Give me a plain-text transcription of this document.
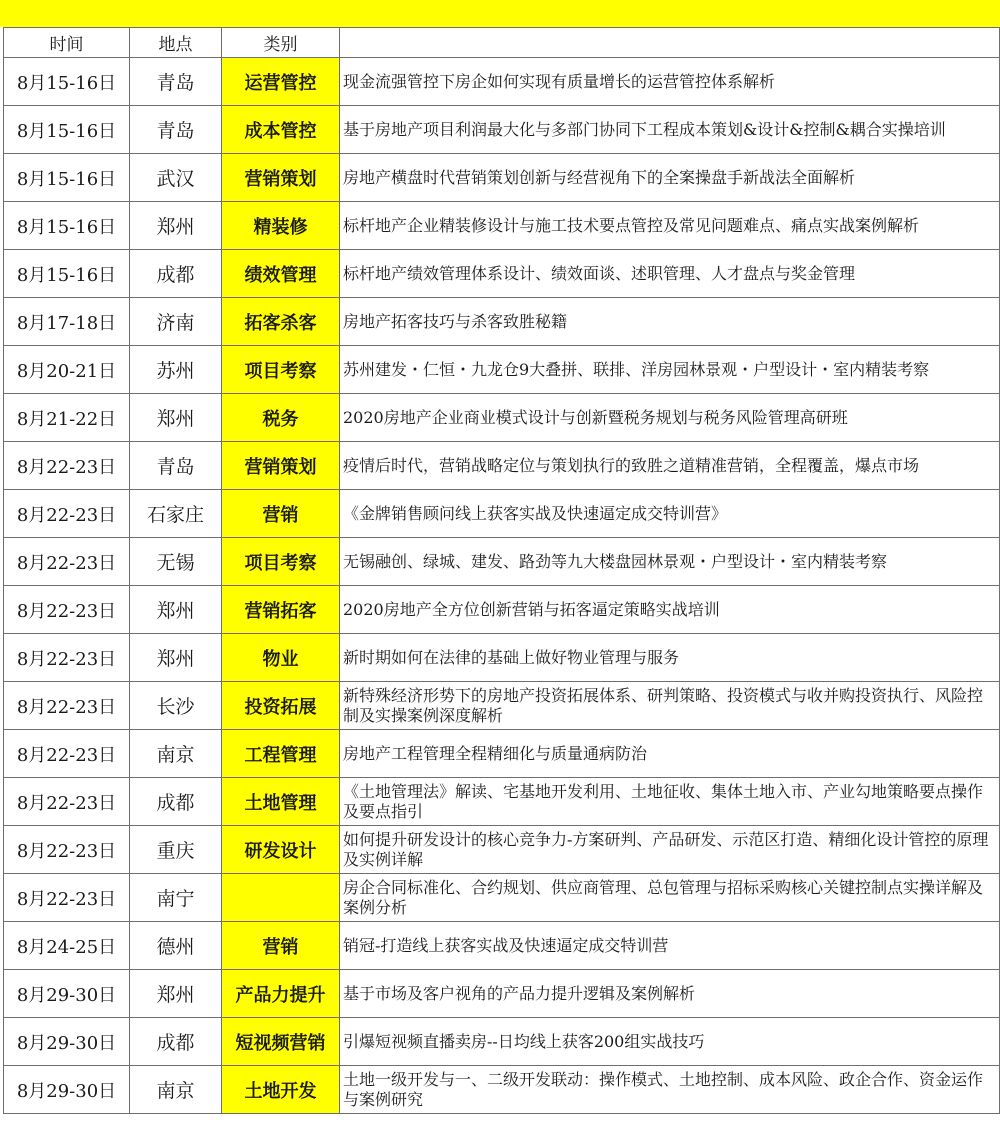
时间	地点	类别	
8月15-16日	青岛	运营管控	现金流强管控下房企如何实现有质量增长的运营管控体系解析
8月15-16日	青岛	成本管控	基于房地产项目利润最大化与多部门协同下工程成本策划&设计&控制&耦合实操培训
8月15-16日	武汉	营销策划	房地产横盘时代营销策划创新与经营视角下的全案操盘手新战法全面解析
8月15-16日	郑州	精装修	标杆地产企业精装修设计与施工技术要点管控及常见问题难点、痛点实战案例解析
8月15-16日	成都	绩效管理	标杆地产绩效管理体系设计、绩效面谈、述职管理、人才盘点与奖金管理
8月17-18日	济南	拓客杀客	房地产拓客技巧与杀客致胜秘籍
8月20-21日	苏州	项目考察	苏州建发・仁恒・九龙仓9大叠拼、联排、洋房园林景观・户型设计・室内精装考察
8月21-22日	郑州	税务	2020房地产企业商业模式设计与创新暨税务规划与税务风险管理高研班
8月22-23日	青岛	营销策划	疫情后时代，营销战略定位与策划执行的致胜之道精准营销，全程覆盖，爆点市场
8月22-23日	石家庄	营销	《金牌销售顾问线上获客实战及快速逼定成交特训营》
8月22-23日	无锡	项目考察	无锡融创、绿城、建发、路劲等九大楼盘园林景观・户型设计・室内精装考察
8月22-23日	郑州	营销拓客	2020房地产全方位创新营销与拓客逼定策略实战培训
8月22-23日	郑州	物业	新时期如何在法律的基础上做好物业管理与服务
8月22-23日	长沙	投资拓展	新特殊经济形势下的房地产投资拓展体系、研判策略、投资模式与收并购投资执行、风险控制及实操案例深度解析
8月22-23日	南京	工程管理	房地产工程管理全程精细化与质量通病防治
8月22-23日	成都	土地管理	《土地管理法》解读、宅基地开发利用、土地征收、集体土地入市、产业勾地策略要点操作及要点指引
8月22-23日	重庆	研发设计	如何提升研发设计的核心竞争力-方案研判、产品研发、示范区打造、精细化设计管控的原理及实例详解
8月22-23日	南宁		房企合同标准化、合约规划、供应商管理、总包管理与招标采购核心关键控制点实操详解及案例分析
8月24-25日	德州	营销	销冠-打造线上获客实战及快速逼定成交特训营
8月29-30日	郑州	产品力提升	基于市场及客户视角的产品力提升逻辑及案例解析
8月29-30日	成都	短视频营销	引爆短视频直播卖房--日均线上获客200组实战技巧
8月29-30日	南京	土地开发	土地一级开发与一、二级开发联动：操作模式、土地控制、成本风险、政企合作、资金运作与案例研究
